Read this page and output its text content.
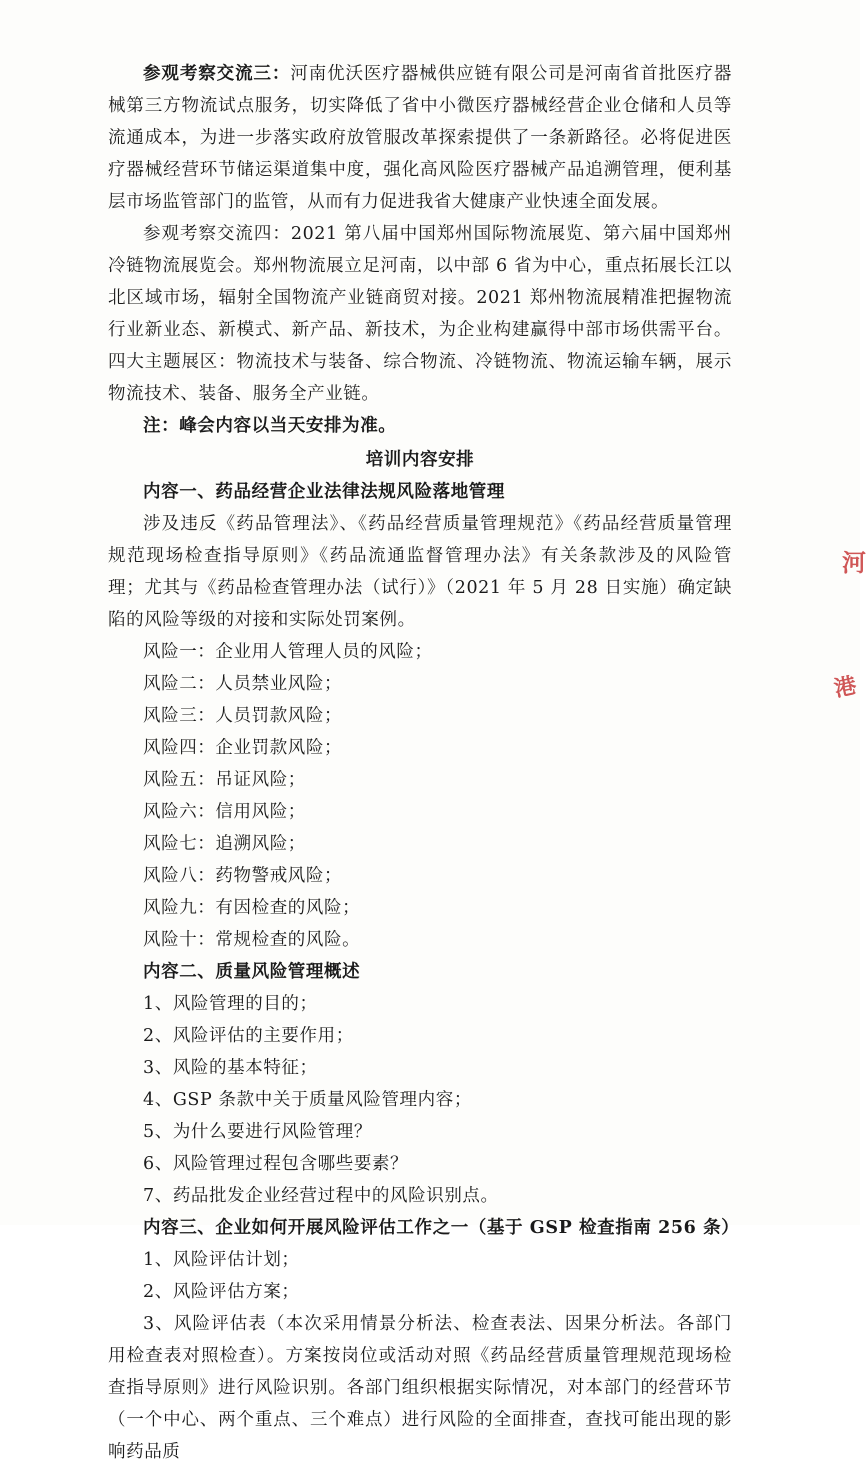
参观考察交流三：河南优沃医疗器械供应链有限公司是河南省首批医疗器械第三方物流试点服务，切实降低了省中小微医疗器械经营企业仓储和人员等流通成本，为进一步落实政府放管服改革探索提供了一条新路径。必将促进医疗器械经营环节储运渠道集中度，强化高风险医疗器械产品追溯管理，便利基层市场监管部门的监管，从而有力促进我省大健康产业快速全面发展。

参观考察交流四：2021 第八届中国郑州国际物流展览、第六届中国郑州冷链物流展览会。郑州物流展立足河南，以中部 6 省为中心，重点拓展长江以北区域市场，辐射全国物流产业链商贸对接。2021 郑州物流展精准把握物流行业新业态、新模式、新产品、新技术，为企业构建赢得中部市场供需平台。四大主题展区：物流技术与装备、综合物流、冷链物流、物流运输车辆，展示物流技术、装备、服务全产业链。

注：峰会内容以当天安排为准。

培训内容安排

内容一、药品经营企业法律法规风险落地管理

涉及违反《药品管理法》、《药品经营质量管理规范》《药品经营质量管理规范现场检查指导原则》《药品流通监督管理办法》有关条款涉及的风险管理；尤其与《药品检查管理办法（试行）》（2021 年 5 月 28 日实施）确定缺陷的风险等级的对接和实际处罚案例。

风险一：企业用人管理人员的风险；

风险二：人员禁业风险；

风险三：人员罚款风险；

风险四：企业罚款风险；

风险五：吊证风险；

风险六：信用风险；

风险七：追溯风险；

风险八：药物警戒风险；

风险九：有因检查的风险；

风险十：常规检查的风险。

内容二、质量风险管理概述

1、风险管理的目的；

2、风险评估的主要作用；

3、风险的基本特征；

4、GSP 条款中关于质量风险管理内容；

5、为什么要进行风险管理？

6、风险管理过程包含哪些要素？

7、药品批发企业经营过程中的风险识别点。

内容三、企业如何开展风险评估工作之一（基于 GSP 检查指南 256 条）

1、风险评估计划；

2、风险评估方案；

3、风险评估表（本次采用情景分析法、检查表法、因果分析法。各部门用检查表对照检查）。方案按岗位或活动对照《药品经营质量管理规范现场检查指导原则》进行风险识别。各部门组织根据实际情况，对本部门的经营环节（一个中心、两个重点、三个难点）进行风险的全面排查，查找可能出现的影响药品质

河
港
